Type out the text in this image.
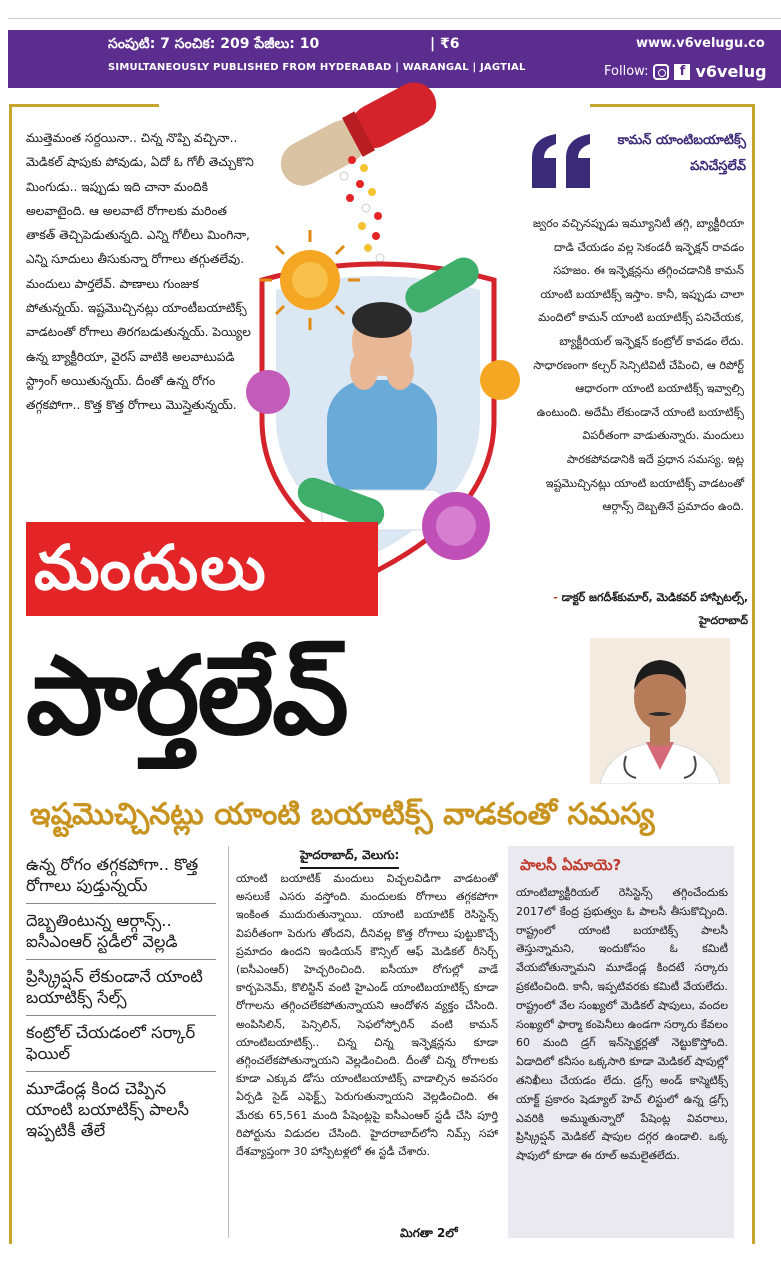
సంపుటి: 7 సంచిక: 209 పేజీలు: 10	| ₹6
SIMULTANEOUSLY PUBLISHED FROM HYDERABAD | WARANGAL | JAGTIAL
www.v6velugu.co
Follow:	f v6velug
ముత్తెమంత సర్దయినా.. చిన్న నొప్పి వచ్చినా.. మెడికల్ షాపుకు పోవుడు, ఏదో ఓ గోలీ తెచ్చుకొని మింగుడు.. ఇప్పుడు ఇది చానా మందికి అలవాటైంది. ఆ అలవాటే రోగాలకు మరింత తాకత్ తెచ్చిపెడుతున్నది. ఎన్ని గోలీలు మింగినా, ఎన్ని సూదులు తీసుకున్నా రోగాలు తగ్గుతలేవు. మందులు పార్తలేవ్. పాణాలు గుంజుక పోతున్నయ్. ఇష్టమొచ్చినట్లు యాంటీబయాటిక్స్ వాడటంతో రోగాలు తిరగబడుతున్నయ్. పెయ్యిల ఉన్న బ్యాక్టీరియా, వైరస్ వాటికి అలవాటుపడి స్ట్రాంగ్ అయితున్నయ్. దీంతో ఉన్న రోగం తగ్గకపోగా.. కొత్త కొత్త రోగాలు మొస్తైతున్నయ్.
కామన్ యాంటిబయాటిక్స్ పనిచేస్తలేవ్
జ్వరం వచ్చినప్పుడు ఇమ్యూనిటీ తగ్గి, బ్యాక్టీరియా దాడి చేయడం వల్ల సెకండరీ ఇన్ఫెక్షన్ రావడం సహజం. ఈ ఇన్ఫెక్షన్లను తగ్గించడానికి కామన్ యాంటి బయాటిక్స్ ఇస్తాం. కానీ, ఇప్పుడు చాలా మందిలో కామన్ యాంటి బయాటిక్స్ పనిచేయక, బ్యాక్టీరియల్ ఇన్ఫెక్షన్ కంట్రోల్ కావడం లేదు. సాధారణంగా కల్చర్ సెన్సిటివిటీ చేపించి, ఆ రిపోర్ట్ ఆధారంగా యాంటి బయాటిక్స్ ఇవ్వాల్సి ఉంటుంది. అదేమీ లేకుండానే యాంటి బయాటిక్స్ విపరీతంగా వాడుతున్నారు. మందులు పారకపోవడానికి ఇదే ప్రధాన సమస్య. ఇట్ల ఇష్టమొచ్చినట్లు యాంటి బయాటిక్స్ వాడటంతో ఆర్గాన్స్ దెబ్బతినే ప్రమాదం ఉంది.
- డాక్టర్ జగదీశ్‌కుమార్, మెడికవర్ హాస్పిటల్స్, హైదరాబాద్
మందులు
పార్తలేవ్
ఇష్టమొచ్చినట్లు యాంటి బయాటిక్స్ వాడకంతో సమస్య
ఉన్న రోగం తగ్గకపోగా.. కొత్త రోగాలు పుడ్తున్నయ్
దెబ్బతింటున్న ఆర్గాన్స్.. ఐసీఎంఆర్ స్టడీలో వెల్లడి
ప్రిస్క్రిప్షన్ లేకుండానే యాంటి బయాటిక్స్ సేల్స్
కంట్రోల్ చేయడంలో సర్కార్ ఫెయిల్
మూడేండ్ల కింద చెప్పిన యాంటి బయాటిక్స్ పాలసీ ఇప్పటికీ తేలే
హైదరాబాద్, వెలుగు:
యాంటి బయాటిక్ మందులు విచ్చలవిడిగా వాడటంతో అసలుకే ఎసరు వస్తోంది. మందులకు రోగాలు తగ్గకపోగా ఇంకింత ముదురుతున్నాయి. యాంటి బయాటిక్ రెసిస్టెన్స్ విపరీతంగా పెరుగు తోందని, దీనివల్ల కొత్త రోగాలు పుట్టుకొచ్చే ప్రమాదం ఉందని ఇండియన్ కౌన్సిల్ ఆఫ్ మెడికల్ రీసెర్చ్ (ఐసీఎంఆర్) హెచ్చరించింది. ఐసీయూ రోగుల్లో వాడే కార్బపెనెమ్, కొలిస్టిన్ వంటి హైఎండ్ యాంటిబయాటిక్స్ కూడా రోగాలను తగ్గించలేకపోతున్నాయని ఆందోళన వ్యక్తం చేసింది. అంపిసిలిన్, పెన్సిలిన్, సెఫలోస్పోరిన్ వంటి కామన్ యాంటిబయాటిక్స్.. చిన్న చిన్న ఇన్ఫెక్షన్లను కూడా తగ్గించలేకపోతున్నాయని వెల్లడించింది. దీంతో చిన్న రోగాలకు కూడా ఎక్కువ డోసు యాంటిబయాటిక్స్ వాడాల్సిన అవసరం ఏర్పడి సైడ్ ఎఫెక్ట్స్ పెరుగుతున్నాయని వెల్లడించింది. ఈ మేరకు 65,561 మంది పేషెంట్లపై ఐసీఎంఆర్ స్టడీ చేసి పూర్తి రిపోర్టును విడుదల చేసింది. హైదరాబాద్‌లోని నిమ్స్ సహా దేశవ్యాప్తంగా 30 హాస్పిటళ్లలో ఈ స్టడీ చేశారు.
మిగతా 2లో
పాలసీ ఏమాయె?
యాంటిబ్యాక్టీరియల్ రెసిస్టెన్స్ తగ్గించేందుకు 2017లో కేంద్ర ప్రభుత్వం ఓ పాలసీ తీసుకొచ్చింది. రాష్ట్రంలో యాంటి బయాటిక్స్ పాలసీ తెస్తున్నామని, ఇందుకోసం ఓ కమిటీ వేయబోతున్నామని మూడేండ్ల కిందటే సర్కారు ప్రకటించింది. కానీ, ఇప్పటివరకు కమిటీ వేయలేదు. రాష్ట్రంలో వేల సంఖ్యలో మెడికల్ షాపులు, వందల సంఖ్యలో ఫార్మా కంపెనీలు ఉండగా సర్కారు కేవలం 60 మంది డ్రగ్ ఇన్‌స్పెక్టర్లతో నెట్టుకొస్తోంది. ఏడాదిలో కనీసం ఒక్కసారి కూడా మెడికల్ షాపుల్లో తనిఖీలు చేయడం లేదు. డ్రగ్స్ అండ్ కాస్మెటిక్స్ యాక్ట్ ప్రకారం షెడ్యూల్ హెచ్ లిస్టులో ఉన్న డ్రగ్స్ ఎవరికి అమ్ముతున్నారో పేషెంట్ల వివరాలు, ప్రిస్క్రిప్షన్ మెడికల్ షాపుల దగ్గర ఉండాలి. ఒక్క షాపులో కూడా ఈ రూల్ అమలైతలేదు.
